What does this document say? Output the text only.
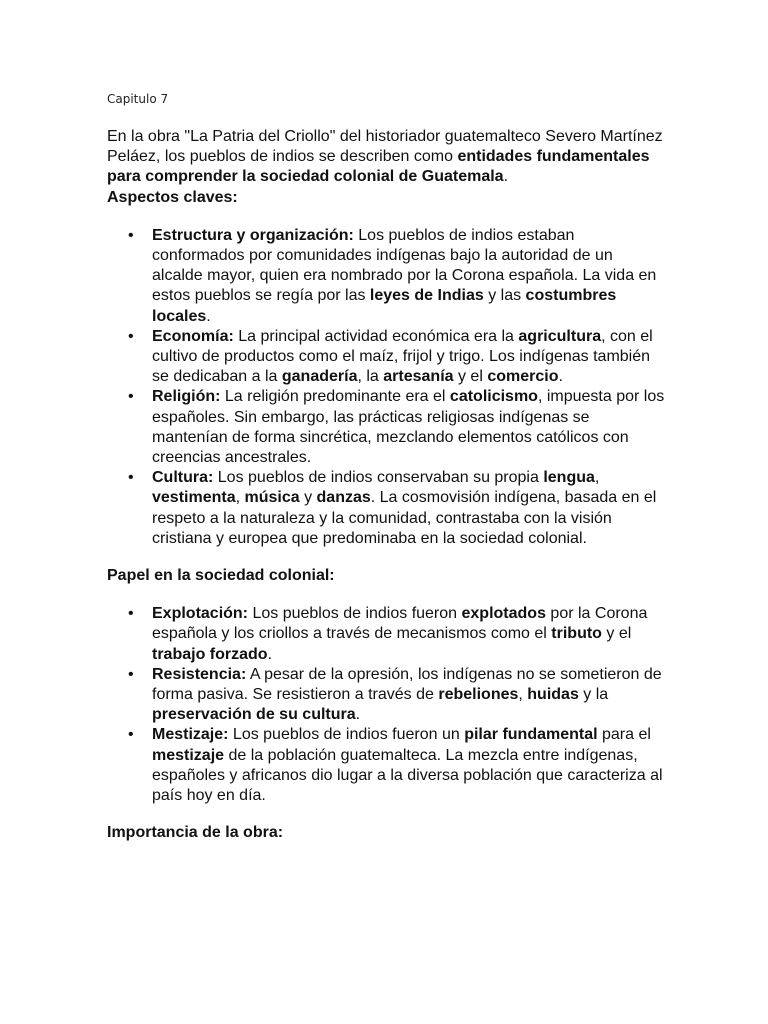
Capitulo 7

En la obra "La Patria del Criollo" del historiador guatemalteco Severo Martínez Peláez, los pueblos de indios se describen como entidades fundamentales para comprender la sociedad colonial de Guatemala.

Aspectos claves:

• Estructura y organización: Los pueblos de indios estaban conformados por comunidades indígenas bajo la autoridad de un alcalde mayor, quien era nombrado por la Corona española. La vida en estos pueblos se regía por las leyes de Indias y las costumbres locales.
• Economía: La principal actividad económica era la agricultura, con el cultivo de productos como el maíz, frijol y trigo. Los indígenas también se dedicaban a la ganadería, la artesanía y el comercio.
• Religión: La religión predominante era el catolicismo, impuesta por los españoles. Sin embargo, las prácticas religiosas indígenas se mantenían de forma sincrética, mezclando elementos católicos con creencias ancestrales.
• Cultura: Los pueblos de indios conservaban su propia lengua, vestimenta, música y danzas. La cosmovisión indígena, basada en el respeto a la naturaleza y la comunidad, contrastaba con la visión cristiana y europea que predominaba en la sociedad colonial.

Papel en la sociedad colonial:

• Explotación: Los pueblos de indios fueron explotados por la Corona española y los criollos a través de mecanismos como el tributo y el trabajo forzado.
• Resistencia: A pesar de la opresión, los indígenas no se sometieron de forma pasiva. Se resistieron a través de rebeliones, huidas y la preservación de su cultura.
• Mestizaje: Los pueblos de indios fueron un pilar fundamental para el mestizaje de la población guatemalteca. La mezcla entre indígenas, españoles y africanos dio lugar a la diversa población que caracteriza al país hoy en día.

Importancia de la obra:
